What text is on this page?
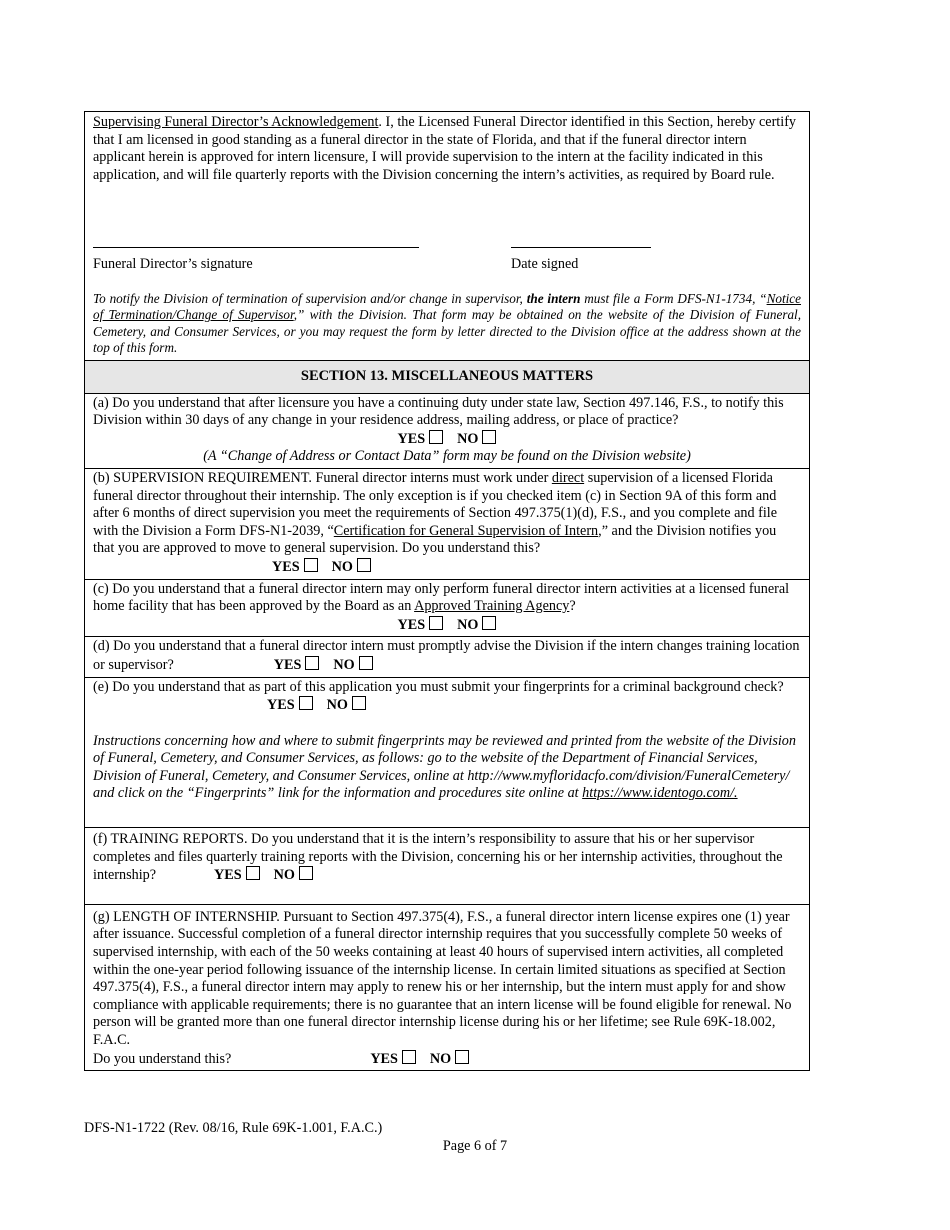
Supervising Funeral Director’s Acknowledgement. I, the Licensed Funeral Director identified in this Section, hereby certify that I am licensed in good standing as a funeral director in the state of Florida, and that if the funeral director intern applicant herein is approved for intern licensure, I will provide supervision to the intern at the facility indicated in this application, and will file quarterly reports with the Division concerning the intern’s activities, as required by Board rule.
Funeral Director’s signature	Date signed
To notify the Division of termination of supervision and/or change in supervisor, the intern must file a Form DFS-N1-1734, “Notice of Termination/Change of Supervisor,” with the Division. That form may be obtained on the website of the Division of Funeral, Cemetery, and Consumer Services, or you may request the form by letter directed to the Division office at the address shown at the top of this form.
SECTION 13. MISCELLANEOUS MATTERS
(a) Do you understand that after licensure you have a continuing duty under state law, Section 497.146, F.S., to notify this Division within 30 days of any change in your residence address, mailing address, or place of practice?
YES NO
(A “Change of Address or Contact Data” form may be found on the Division website)
(b) SUPERVISION REQUIREMENT. Funeral director interns must work under direct supervision of a licensed Florida funeral director throughout their internship. The only exception is if you checked item (c) in Section 9A of this form and after 6 months of direct supervision you meet the requirements of Section 497.375(1)(d), F.S., and you complete and file with the Division a Form DFS-N1-2039, “Certification for General Supervision of Intern,” and the Division notifies you that you are approved to move to general supervision. Do you understand this?YES NO
(c) Do you understand that a funeral director intern may only perform funeral director intern activities at a licensed funeral home facility that has been approved by the Board as an Approved Training Agency?
YES NO
(d) Do you understand that a funeral director intern must promptly advise the Division if the intern changes training location or supervisor?	YES NO
(e) Do you understand that as part of this application you must submit your fingerprints for a criminal background check?YES NO
Instructions concerning how and where to submit fingerprints may be reviewed and printed from the website of the Division of Funeral, Cemetery, and Consumer Services, as follows: go to the website of the Department of Financial Services, Division of Funeral, Cemetery, and Consumer Services, online at http://www.myfloridacfo.com/division/FuneralCemetery/ and click on the “Fingerprints” link for the information and procedures site online at https://www.identogo.com/.
(f) TRAINING REPORTS. Do you understand that it is the intern’s responsibility to assure that his or her supervisor completes and files quarterly training reports with the Division, concerning his or her internship activities, throughout the internship?	YES NO
(g) LENGTH OF INTERNSHIP. Pursuant to Section 497.375(4), F.S., a funeral director intern license expires one (1) year after issuance. Successful completion of a funeral director internship requires that you successfully complete 50 weeks of supervised internship, with each of the 50 weeks containing at least 40 hours of supervised intern activities, all completed within the one-year period following issuance of the internship license. In certain limited situations as specified at Section 497.375(4), F.S., a funeral director intern may apply to renew his or her internship, but the intern must apply for and show compliance with applicable requirements; there is no guarantee that an intern license will be found eligible for renewal. No person will be granted more than one funeral director internship license during his or her lifetime; see Rule 69K-18.002, F.A.C.
Do you understand this?	YES NO
DFS-N1-1722 (Rev. 08/16, Rule 69K-1.001, F.A.C.)
Page 6 of 7
